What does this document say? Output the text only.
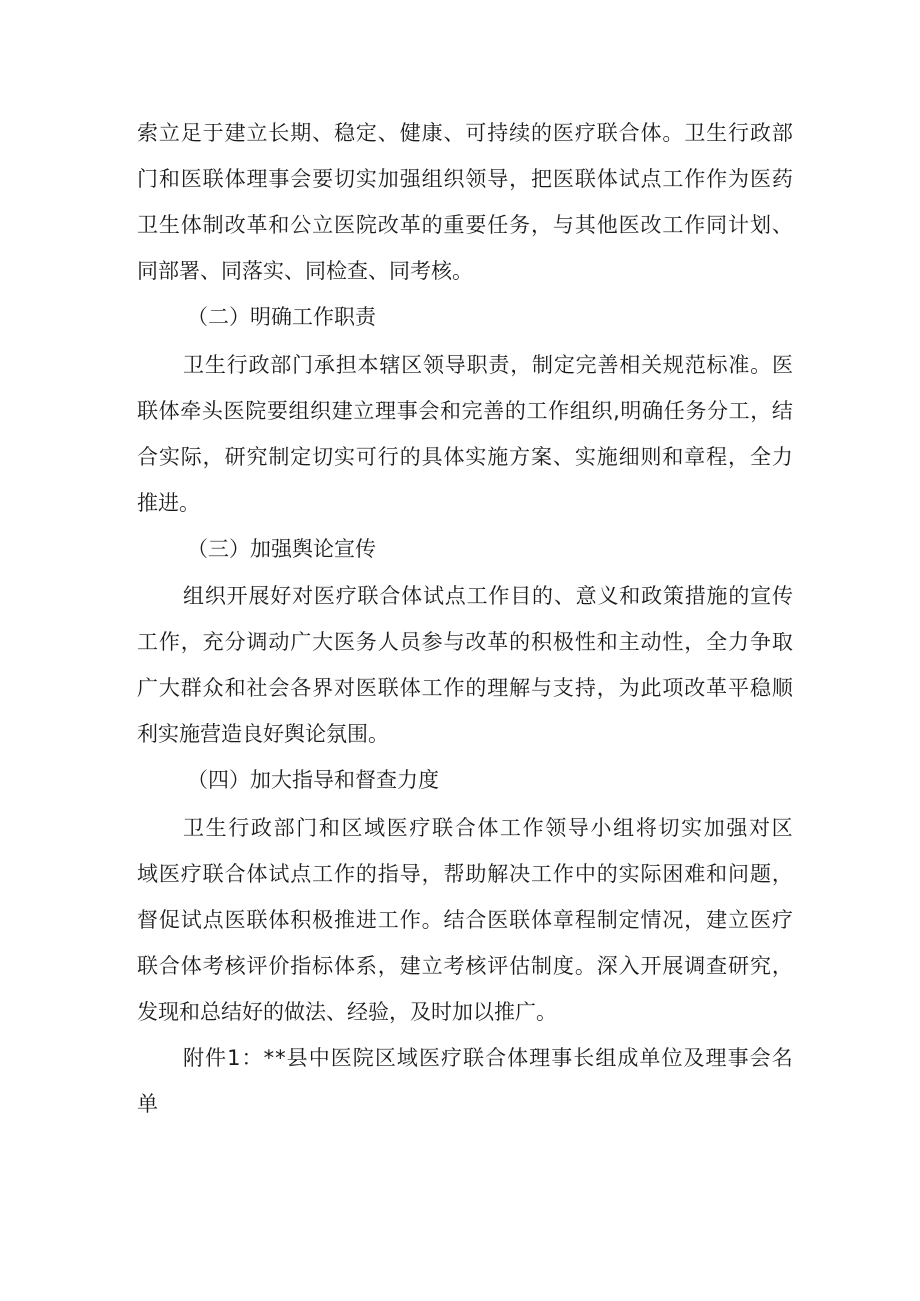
索 立 足 于 建 立 长 期 、 稳 定 、 健 康 、 可 持 续 的 医 疗 联 合 体 。 卫 生 行 政 部
门 和 医 联 体 理 事 会 要 切 实 加 强 组 织 领 导 ， 把 医 联 体 试 点 工 作 作 为 医 药
卫 生 体 制 改 革 和 公 立 医 院 改 革 的 重 要 任 务 ， 与 其 他 医 改 工 作 同 计 划 、
同部署、同落实、同检查、同考核。
（二）明确工作职责
卫 生 行 政 部 门 承 担 本 辖 区 领 导 职 责 ， 制 定 完 善 相 关 规 范 标 准 。 医
联 体 牵 头 医 院 要 组 织 建 立 理 事 会 和 完 善 的 工 作 组 织 , 明 确 任 务 分 工 ， 结
合 实 际 ， 研 究 制 定 切 实 可 行 的 具 体 实 施 方 案 、 实 施 细 则 和 章 程 ， 全 力
推进。
（三）加强舆论宣传
组 织 开 展 好 对 医 疗 联 合 体 试 点 工 作 目 的 、 意 义 和 政 策 措 施 的 宣 传
工 作 ， 充 分 调 动 广 大 医 务 人 员 参 与 改 革 的 积 极 性 和 主 动 性 ， 全 力 争 取
广 大 群 众 和 社 会 各 界 对 医 联 体 工 作 的 理 解 与 支 持 ， 为 此 项 改 革 平 稳 顺
利实施营造良好舆论氛围。
（四）加大指导和督查力度
卫 生 行 政 部 门 和 区 域 医 疗 联 合 体 工 作 领 导 小 组 将 切 实 加 强 对 区
域 医 疗 联 合 体 试 点 工 作 的 指 导 ， 帮 助 解 决 工 作 中 的 实 际 困 难 和 问 题 ，
督 促 试 点 医 联 体 积 极 推 进 工 作 。 结 合 医 联 体 章 程 制 定 情 况 ， 建 立 医 疗
联 合 体 考 核 评 价 指 标 体 系 ， 建 立 考 核 评 估 制 度 。 深 入 开 展 调 查 研 究 ，
发现和总结好的做法、经验，及时加以推广。
附 件 1 ： * * 县 中 医 院 区 域 医 疗 联 合 体 理 事 长 组 成 单 位 及 理 事 会 名
单
